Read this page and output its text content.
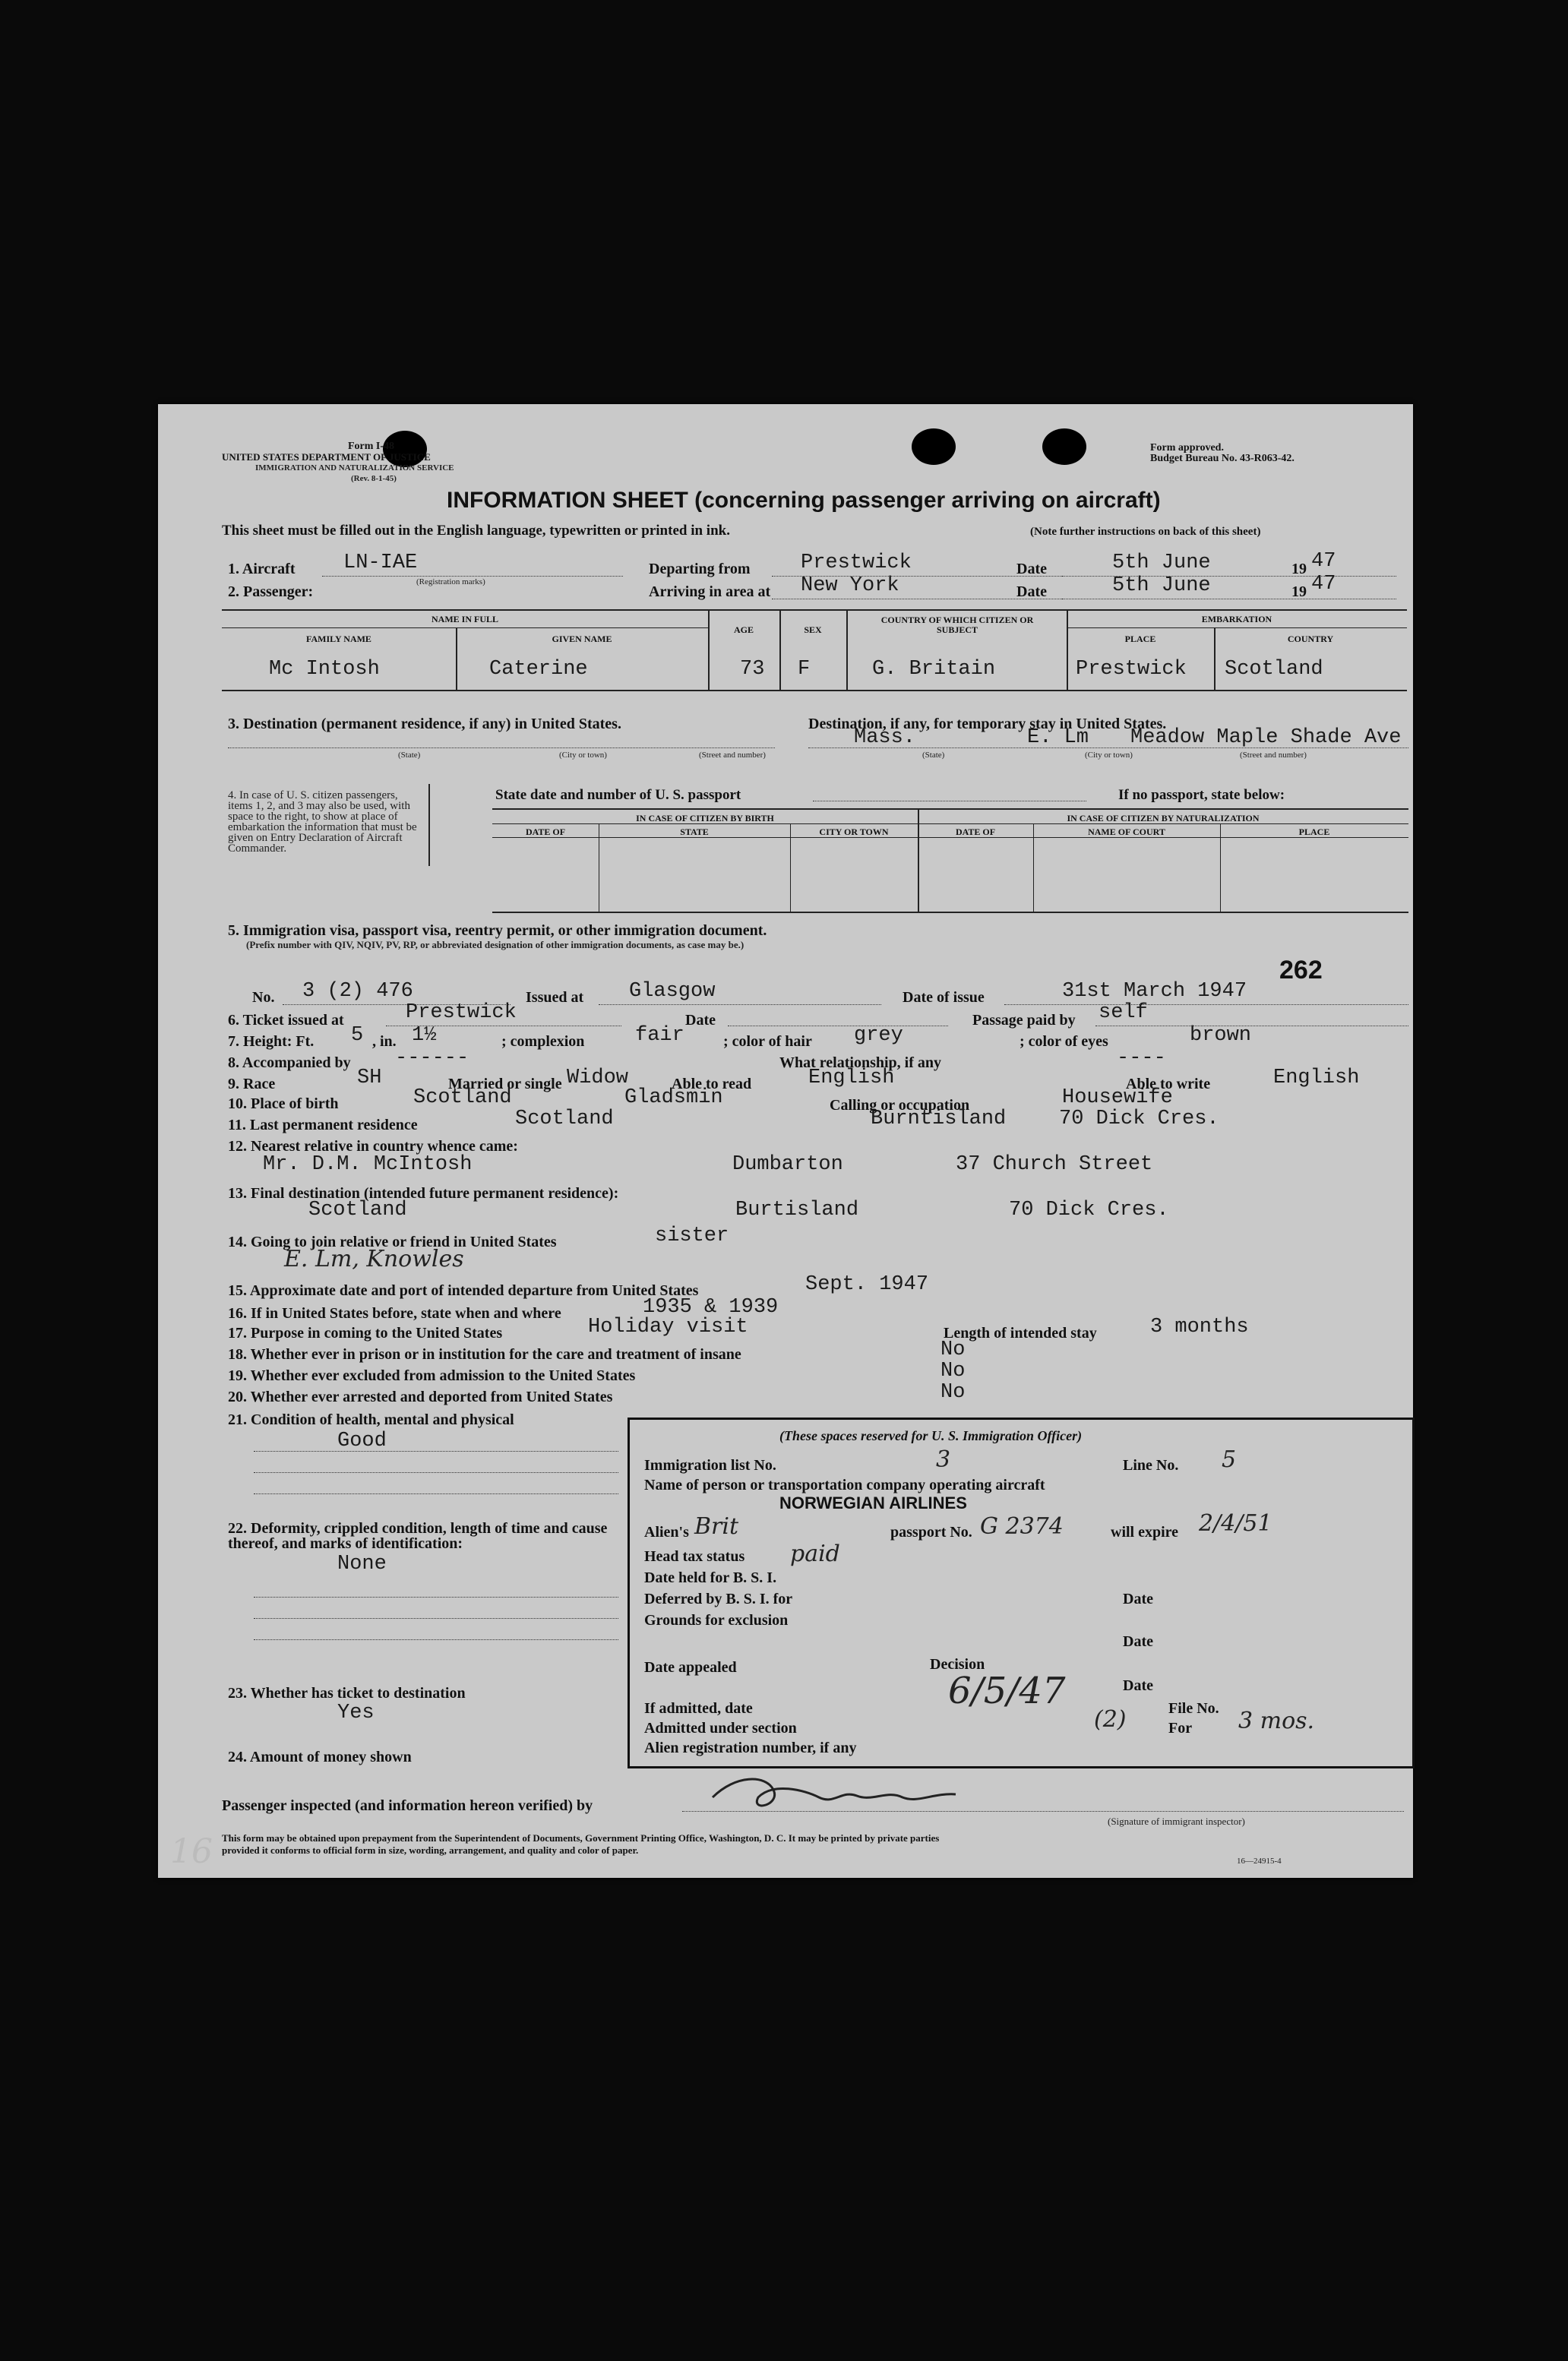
Form I-48
UNITED STATES DEPARTMENT OF JUSTICE
IMMIGRATION AND NATURALIZATION SERVICE
(Rev. 8-1-45)
Form approved.
Budget Bureau No. 43-R063-42.
INFORMATION SHEET (concerning passenger arriving on aircraft)
This sheet must be filled out in the English language, typewritten or printed in ink.	(Note further instructions on back of this sheet)
1. Aircraft LN-IAE
(Registration marks)
Departing from Prestwick	Date	5th June	19 47
2. Passenger:	Arriving in area at New York	Date	5th June	19 47
NAME IN FULL
FAMILY NAME	GIVEN NAME
AGE	SEX
COUNTRY OF WHICH CITIZEN OR SUBJECT
EMBARKATION
PLACE	COUNTRY
Mc Intosh	Caterine	73 F	G. Britain	Prestwick Scotland
3. Destination (permanent residence, if any) in United States.	Destination, if any, for temporary stay in United States.
(State)	(City or town)	(Street and number)	(State)	(City or town)	(Street and number)
Mass.	E. Lm Meadow Maple Shade Ave
4. In case of U. S. citizen passengers, items 1, 2, and 3 may also be used, with space to the right, to show at place of embarkation the information that must be given on Entry Declaration of Aircraft Commander.
State date and number of U. S. passport	If no passport, state below:
IN CASE OF CITIZEN BY BIRTH	IN CASE OF CITIZEN BY NATURALIZATION
DATE OF	STATE	CITY OR TOWN	DATE OF	NAME OF COURT	PLACE
5. Immigration visa, passport visa, reentry permit, or other immigration document.
(Prefix number with QIV, NQIV, PV, RP, or abbreviated designation of other immigration documents, as case may be.)
262
No. 3 (2) 476	Issued at Glasgow	Date of issue	31st March 1947
6. Ticket issued at	Prestwick	Date	Passage paid by self
7. Height: Ft. 5 , in. 1½	; complexion fair	; color of hair grey	; color of eyes	brown
8. Accompanied by ------	What relationship, if any	----
9. Race	SH	Married or single Widow	Able to read	English	Able to write	English
10. Place of birth	Scotland	Gladsmin	Calling or occupation	Housewife
11. Last permanent residence	Scotland	Burntisland	70 Dick Cres.
12. Nearest relative in country whence came:
Mr. D.M. McIntosh	Dumbarton	37 Church Street
13. Final destination (intended future permanent residence):
Scotland	Burtisland	70 Dick Cres.
14. Going to join relative or friend in United States	sister
E. Lm, Knowles
15. Approximate date and port of intended departure from United States	Sept. 1947
16. If in United States before, state when and where	1935 & 1939
17. Purpose in coming to the United States	Holiday visit	Length of intended stay	3 months
18. Whether ever in prison or in institution for the care and treatment of insane	No
19. Whether ever excluded from admission to the United States	No
20. Whether ever arrested and deported from United States	No
21. Condition of health, mental and physical
Good
22. Deformity, crippled condition, length of time and cause thereof, and marks of identification:
None
23. Whether has ticket to destination
Yes
24. Amount of money shown
(These spaces reserved for U. S. Immigration Officer)
Immigration list No.	3	Line No. 5
Name of person or transportation company operating aircraft
NORWEGIAN AIRLINES
Alien's Brit	passport No. G 2374	will expire 2/4/51
Head tax status paid
Date held for B. S. I.
Deferred by B. S. I. for	Date
Grounds for exclusion
Date
Date appealed	Decision
Date
If admitted, date	6/5/47
Admitted under section	(2)	File No.
For 3 mos.
Alien registration number, if any
Passenger inspected (and information hereon verified) by
(Signature of immigrant inspector)
This form may be obtained upon prepayment from the Superintendent of Documents, Government Printing Office, Washington, D. C. It may be printed by private parties
provided it conforms to official form in size, wording, arrangement, and quality and color of paper.
16—24915-4
16
